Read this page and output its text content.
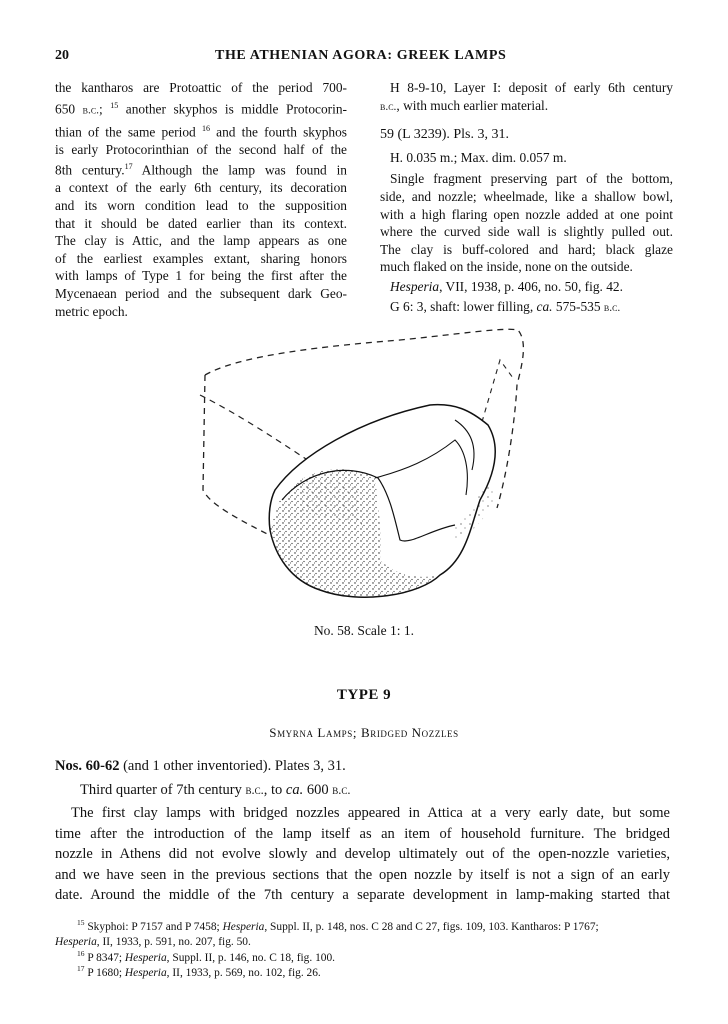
20	THE ATHENIAN AGORA: GREEK LAMPS
the kantharos are Protoattic of the period 700-
650 b.c.; $^{15}$ another skyphos is middle Protocorin-
thian of the same period $^{16}$ and the fourth skyphos
is early Protocorinthian of the second half of the
8th century.$^{17}$ Although the lamp was found in
a context of the early 6th century, its decoration
and its worn condition lead to the supposition
that it should be dated earlier than its context.
The clay is Attic, and the lamp appears as one
of the earliest examples extant, sharing honors
with lamps of Type 1 for being the first after the
Mycenaean period and the subsequent dark Geo-
metric epoch.
H 8-9-10, Layer I: deposit of early 6th century
b.c., with much earlier material.
59 (L 3239). Pls. 3, 31.
H. 0.035 m.; Max. dim. 0.057 m.
Single fragment preserving part of the bottom,
side, and nozzle; wheelmade, like a shallow bowl,
with a high flaring open nozzle added at one point
where the curved side wall is slightly pulled out.
The clay is buff-colored and hard; black glaze
much flaked on the inside, none on the outside.
Hesperia, VII, 1938, p. 406, no. 50, fig. 42.
G 6: 3, shaft: lower filling, ca. 575-535 b.c.
No. 58. Scale 1: 1.
TYPE 9
Smyrna Lamps; Bridged Nozzles
Nos. 60-62 (and 1 other inventoried). Plates 3, 31.
Third quarter of 7th century b.c., to ca. 600 b.c.
The first clay lamps with bridged nozzles appeared in Attica at a very early date, but some
time after the introduction of the lamp itself as an item of household furniture. The bridged
nozzle in Athens did not evolve slowly and develop ultimately out of the open-nozzle varieties,
and we have seen in the previous sections that the open nozzle by itself is not a sign of an early
date. Around the middle of the 7th century a separate development in lamp-making started that
$^{15}$ Skyphoi: P 7157 and P 7458; Hesperia, Suppl. II, p. 148, nos. C 28 and C 27, figs. 109, 103. Kantharos: P 1767;
Hesperia, II, 1933, p. 591, no. 207, fig. 50.
$^{16}$ P 8347; Hesperia, Suppl. II, p. 146, no. C 18, fig. 100.
$^{17}$ P 1680; Hesperia, II, 1933, p. 569, no. 102, fig. 26.
